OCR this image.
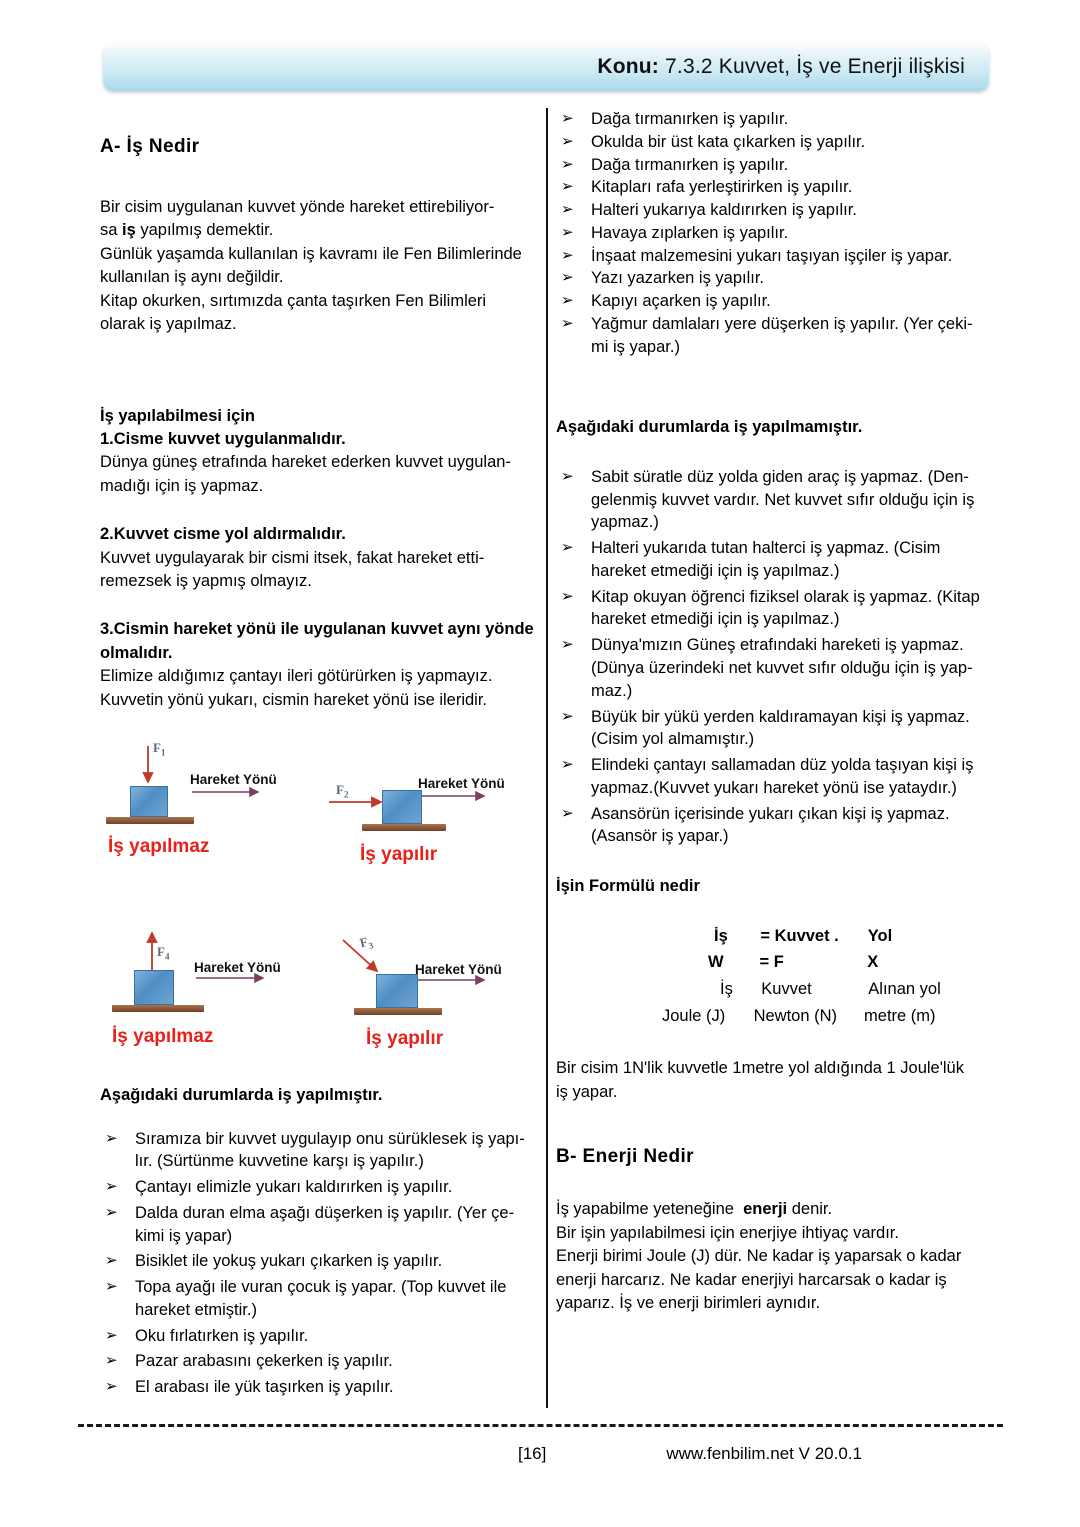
Konu: 7.3.2 Kuvvet, İş ve Enerji ilişkisi
A- İş Nedir
Bir cisim uygulanan kuvvet yönde hareket ettirebiliyor-
sa iş yapılmış demektir.
Günlük yaşamda kullanılan iş kavramı ile Fen Bilimlerinde
kullanılan iş aynı değildir.
Kitap okurken, sırtımızda çanta taşırken Fen Bilimleri
olarak iş yapılmaz.
İş yapılabilmesi için
1.Cisme kuvvet uygulanmalıdır.
Dünya güneş etrafında hareket ederken kuvvet uygulan-
madığı için iş yapmaz.
2.Kuvvet cisme yol aldırmalıdır.
Kuvvet uygulayarak bir cismi itsek, fakat hareket etti-
remezsek iş yapmış olmayız.
3.Cismin hareket yönü ile uygulanan kuvvet aynı yönde
olmalıdır.
Elimize aldığımız çantayı ileri götürürken iş yapmayız.
Kuvvetin yönü yukarı, cismin hareket yönü ise ileridir.
$F_1$
Hareket Yönü
İş yapılmaz
$F_2$
Hareket Yönü
İş yapılır
$F_4$
Hareket Yönü
İş yapılmaz
$F_3$
Hareket Yönü
İş yapılır
Aşağıdaki durumlarda iş yapılmıştır.
➢ Sıramıza bir kuvvet uygulayıp onu sürüklesek iş yapı-
lır. (Sürtünme kuvvetine karşı iş yapılır.)
➢ Çantayı elimizle yukarı kaldırırken iş yapılır.
➢ Dalda duran elma aşağı düşerken iş yapılır. (Yer çe-
kimi iş yapar)
➢ Bisiklet ile yokuş yukarı çıkarken iş yapılır.
➢ Topa ayağı ile vuran çocuk iş yapar. (Top kuvvet ile
hareket etmiştir.)
➢ Oku fırlatırken iş yapılır.
➢ Pazar arabasını çekerken iş yapılır.
➢ El arabası ile yük taşırken iş yapılır.
➢ Dağa tırmanırken iş yapılır.
➢ Okulda bir üst kata çıkarken iş yapılır.
➢ Dağa tırmanırken iş yapılır.
➢ Kitapları rafa yerleştirirken iş yapılır.
➢ Halteri yukarıya kaldırırken iş yapılır.
➢ Havaya zıplarken iş yapılır.
➢ İnşaat malzemesini yukarı taşıyan işçiler iş yapar.
➢ Yazı yazarken iş yapılır.
➢ Kapıyı açarken iş yapılır.
➢ Yağmur damlaları yere düşerken iş yapılır. (Yer çeki-
mi iş yapar.)
Aşağıdaki durumlarda iş yapılmamıştır.
➢ Sabit süratle düz yolda giden araç iş yapmaz. (Den-
gelenmiş kuvvet vardır. Net kuvvet sıfır olduğu için iş
yapmaz.)
➢ Halteri yukarıda tutan halterci iş yapmaz. (Cisim
hareket etmediği için iş yapılmaz.)
➢ Kitap okuyan öğrenci fiziksel olarak iş yapmaz. (Kitap
hareket etmediği için iş yapılmaz.)
➢ Dünya'mızın Güneş etrafındaki hareketi iş yapmaz.
(Dünya üzerindeki net kuvvet sıfır olduğu için iş yap-
maz.)
➢ Büyük bir yükü yerden kaldıramayan kişi iş yapmaz.
(Cisim yol almamıştır.)
➢ Elindeki çantayı sallamadan düz yolda taşıyan kişi iş
yapmaz.(Kuvvet yukarı hareket yönü ise yataydır.)
➢ Asansörün içerisinde yukarı çıkan kişi iş yapmaz.
(Asansör iş yapar.)
İşin Formülü nedir
İş	= Kuvvet .	Yol
W	= F	X
İş	Kuvvet	Alınan yol
Joule (J)	Newton (N)	metre (m)
Bir cisim 1N'lik kuvvetle 1metre yol aldığında 1 Joule'lük
iş yapar.
B- Enerji Nedir
İş yapabilme yeteneğine  enerji denir.
Bir işin yapılabilmesi için enerjiye ihtiyaç vardır.
Enerji birimi Joule (J) dür. Ne kadar iş yaparsak o kadar
enerji harcarız. Ne kadar enerjiyi harcarsak o kadar iş
yaparız. İş ve enerji birimleri aynıdır.
[16]	www.fenbilim.net V 20.0.1
